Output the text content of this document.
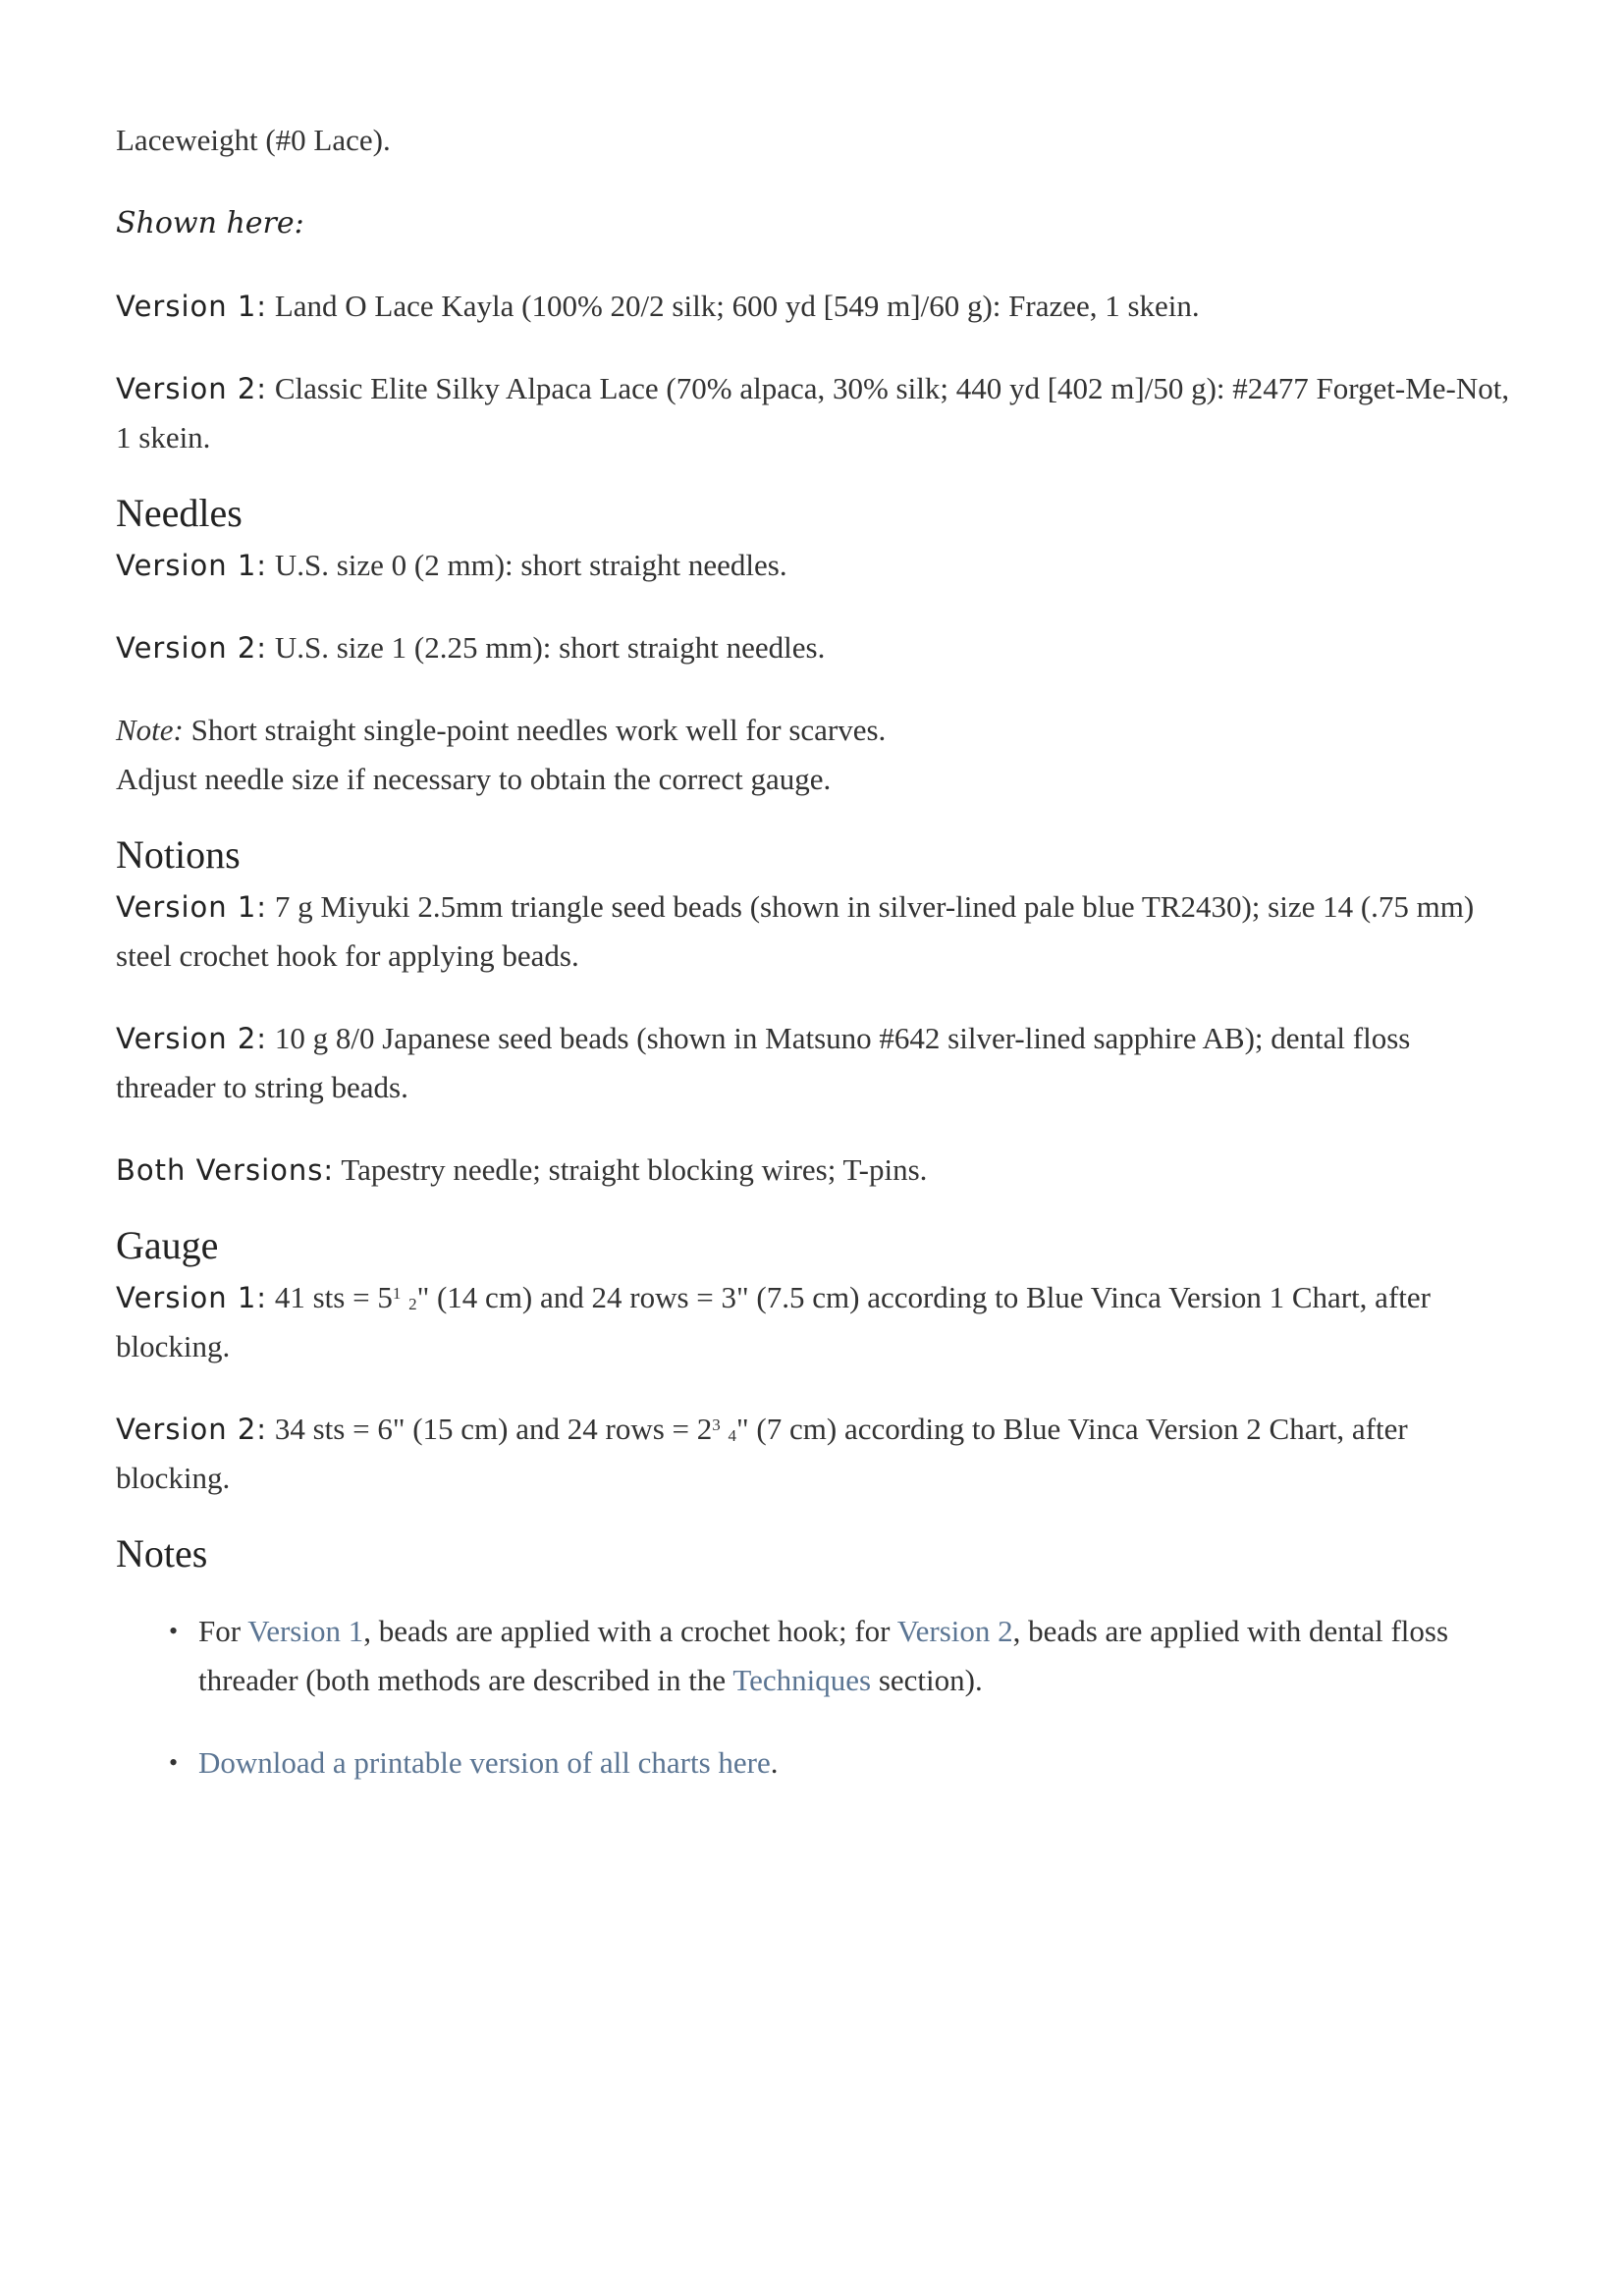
Laceweight (#0 Lace).

Shown here:

Version 1: Land O Lace Kayla (100% 20/2 silk; 600 yd [549 m]/60 g): Frazee, 1 skein.

Version 2: Classic Elite Silky Alpaca Lace (70% alpaca, 30% silk; 440 yd [402 m]/50 g): #2477 Forget-Me-Not, 1 skein.

Needles

Version 1: U.S. size 0 (2 mm): short straight needles.

Version 2: U.S. size 1 (2.25 mm): short straight needles.

Note: Short straight single-point needles work well for scarves.
Adjust needle size if necessary to obtain the correct gauge.

Notions

Version 1: 7 g Miyuki 2.5mm triangle seed beads (shown in silver-lined pale blue TR2430); size 14 (.75 mm) steel crochet hook for applying beads.

Version 2: 10 g 8/0 Japanese seed beads (shown in Matsuno #642 silver-lined sapphire AB); dental floss threader to string beads.

Both Versions: Tapestry needle; straight blocking wires; T-pins.

Gauge

Version 1: 41 sts = $5^1$ $_2$" (14 cm) and 24 rows = 3" (7.5 cm) according to Blue Vinca Version 1 Chart, after blocking.

Version 2: 34 sts = 6" (15 cm) and 24 rows = $2^3$ $_4$" (7 cm) according to Blue Vinca Version 2 Chart, after blocking.

Notes
• For Version 1, beads are applied with a crochet hook; for Version 2, beads are applied with dental floss threader (both methods are described in the Techniques section).
• Download a printable version of all charts here.
